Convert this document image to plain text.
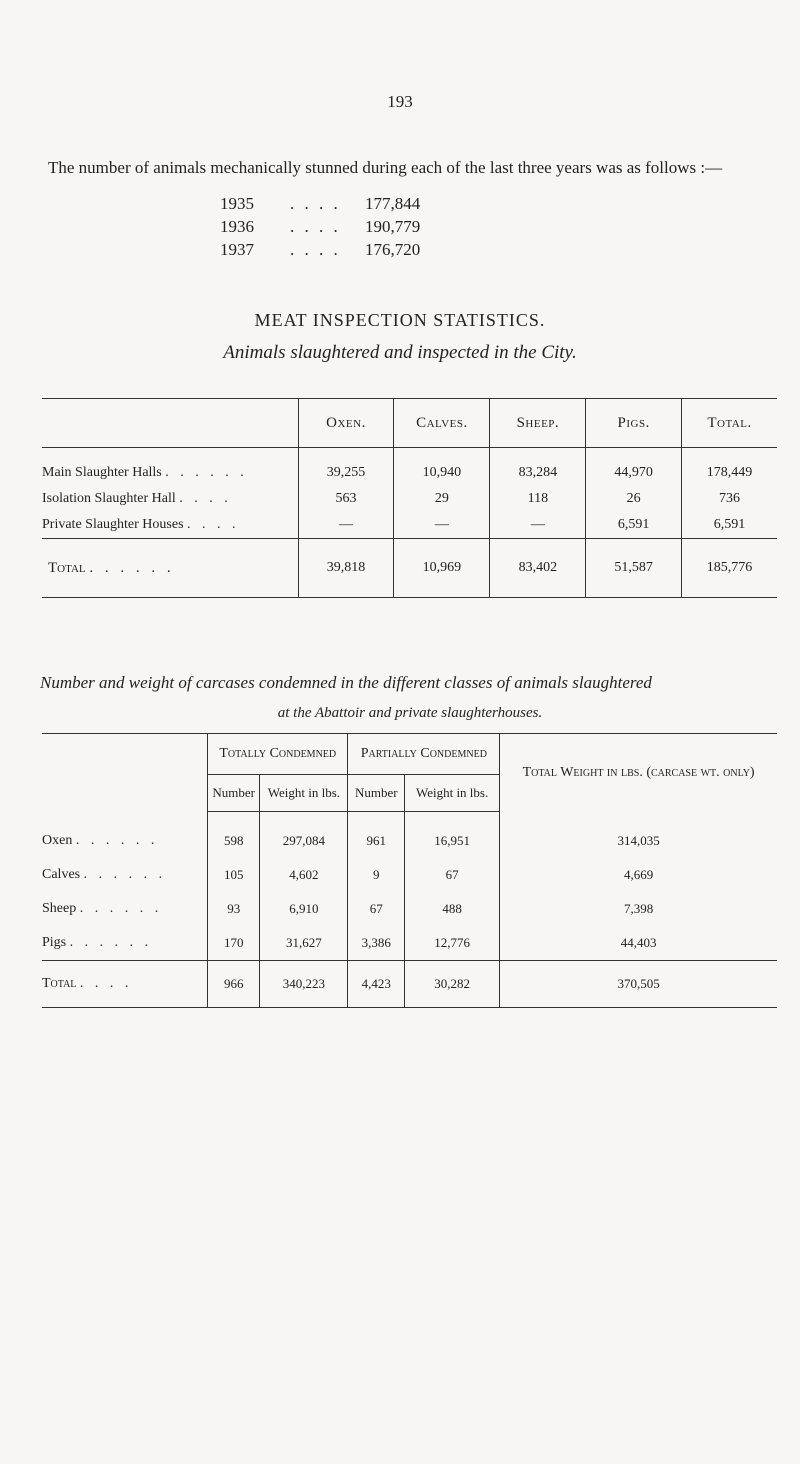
193
The number of animals mechanically stunned during each of the last three years was as follows :—
1935	. . . .	177,844
1936	. . . .	190,779
1937	. . . .	176,720
MEAT INSPECTION STATISTICS.
Animals slaughtered and inspected in the City.
	Oxen.	Calves.	Sheep.	Pigs.	Total.
Main Slaughter Halls . . . . . .	39,255	10,940	83,284	44,970	178,449
Isolation Slaughter Hall . . . .	563	29	118	26	736
Private Slaughter Houses . . . .	—	—	—	6,591	6,591
Total . . . . . .	39,818	10,969	83,402	51,587	185,776
Number and weight of carcases condemned in the different classes of animals slaughtered
at the Abattoir and private slaughterhouses.
	Totally Condemned		Partially Condemned		Total Weight in lbs. (carcase wt. only)
	Number	Weight in lbs.	Number	Weight in lbs.	
Oxen . . . . . .	598	297,084	961	16,951	314,035
Calves . . . . . .	105	4,602	9	67	4,669
Sheep . . . . . .	93	6,910	67	488	7,398
Pigs . . . . . .	170	31,627	3,386	12,776	44,403
Total . . . .	966	340,223	4,423	30,282	370,505
